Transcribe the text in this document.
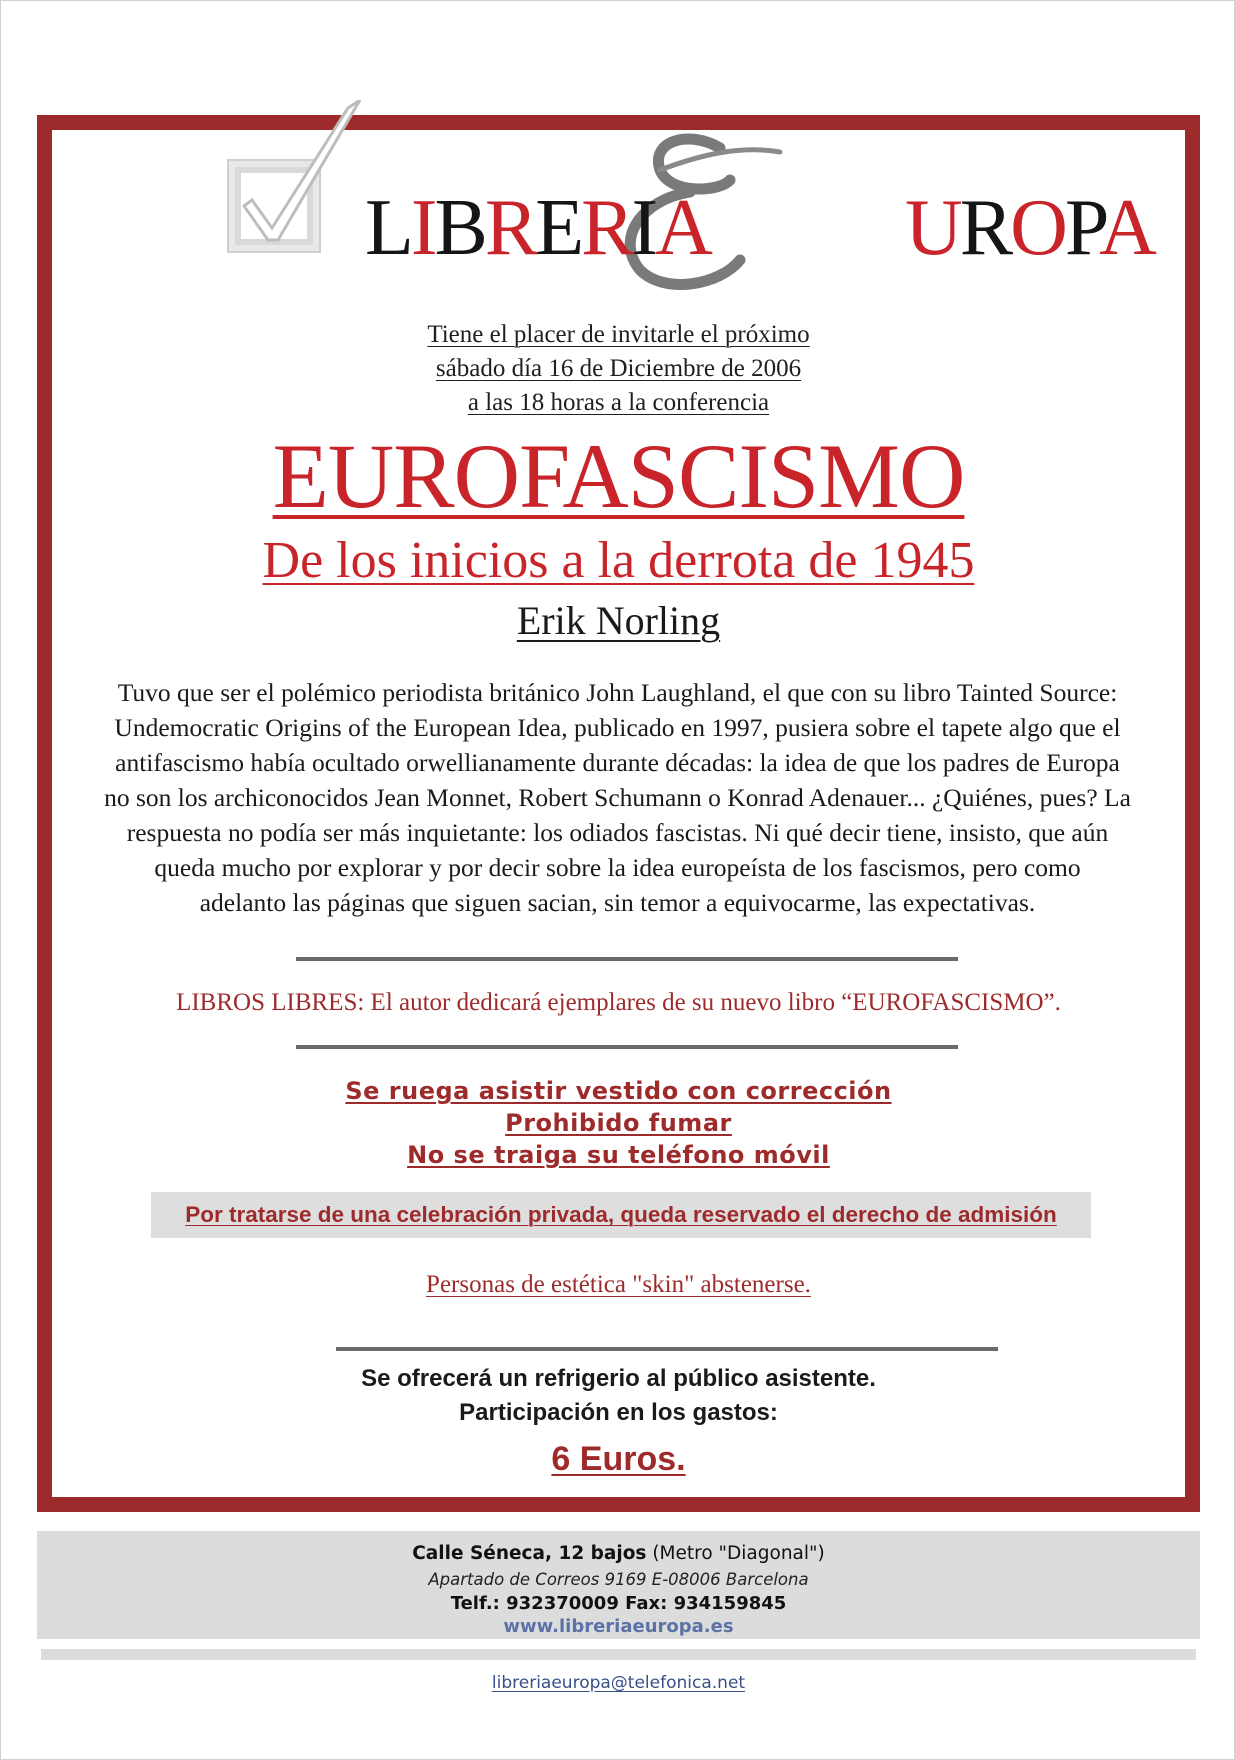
LIBRERIA UROPA
Tiene el placer de invitarle el próximo
sábado día 16 de Diciembre de 2006
a las 18 horas a la conferencia
EUROFASCISMO
De los inicios a la derrota de 1945
Erik Norling
Tuvo que ser el polémico periodista británico John Laughland, el que con su libro Tainted Source:
Undemocratic Origins of the European Idea, publicado en 1997, pusiera sobre el tapete algo que el
antifascismo había ocultado orwellianamente durante décadas: la idea de que los padres de Europa
no son los archiconocidos Jean Monnet, Robert Schumann o Konrad Adenauer... ¿Quiénes, pues? La
respuesta no podía ser más inquietante: los odiados fascistas. Ni qué decir tiene, insisto, que aún
queda mucho por explorar y por decir sobre la idea europeísta de los fascismos, pero como
adelanto las páginas que siguen sacian, sin temor a equivocarme, las expectativas.
LIBROS LIBRES: El autor dedicará ejemplares de su nuevo libro “EUROFASCISMO”.
Se ruega asistir vestido con corrección
Prohibido fumar
No se traiga su teléfono móvil
Por tratarse de una celebración privada, queda reservado el derecho de admisión
Personas de estética "skin" abstenerse.
Se ofrecerá un refrigerio al público asistente.
Participación en los gastos:
6 Euros.
Calle Séneca, 12 bajos (Metro "Diagonal")
Apartado de Correos 9169 E-08006 Barcelona
Telf.: 932370009 Fax: 934159845
www.libreriaeuropa.es
libreriaeuropa@telefonica.net
